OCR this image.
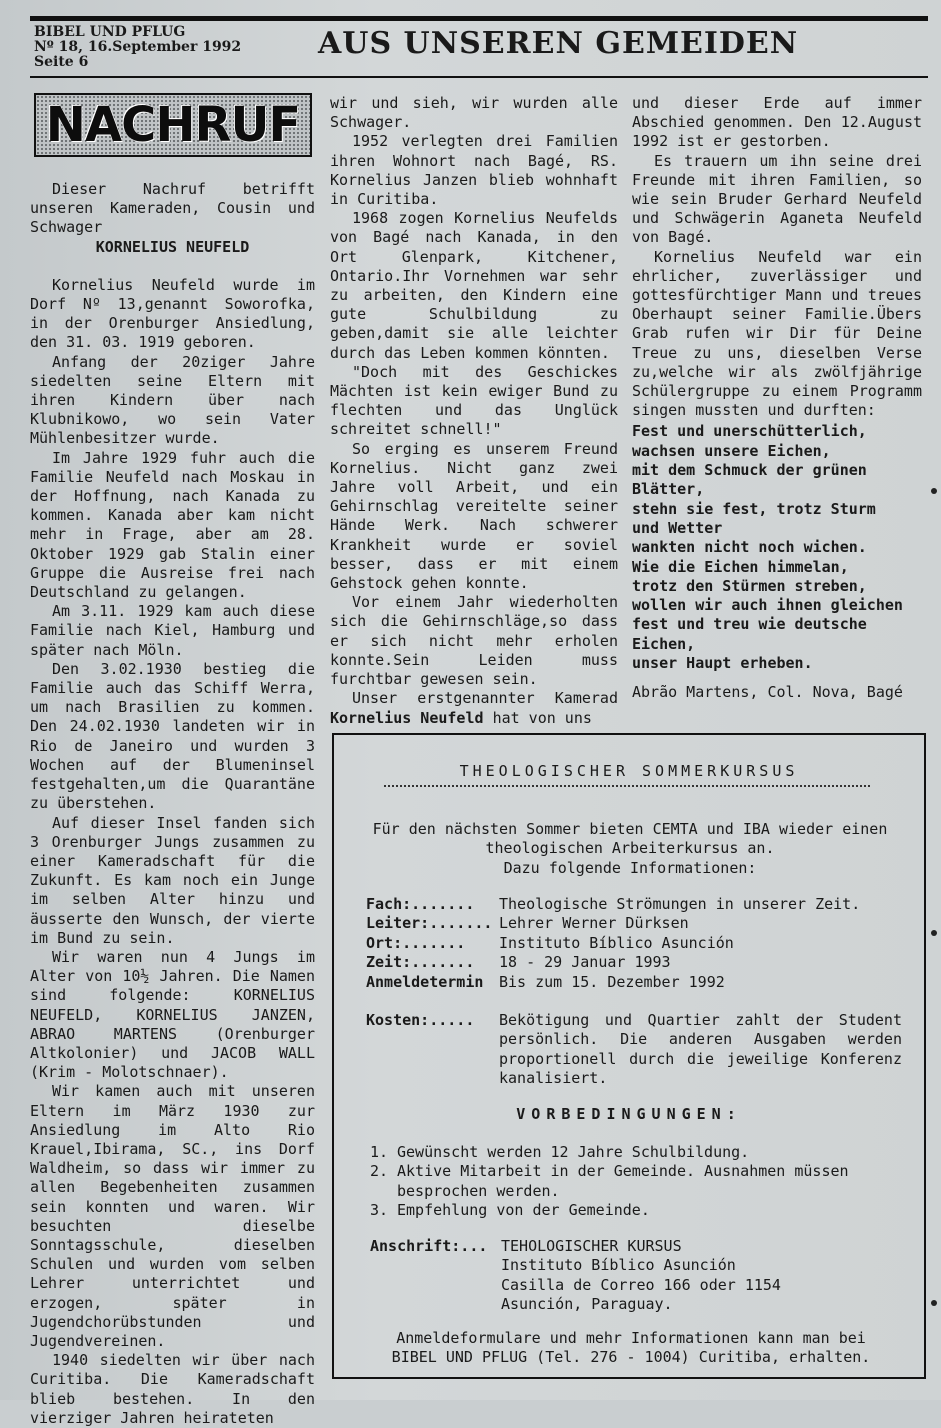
BIBEL UND PFLUG
Nº 18, 16.September 1992
Seite 6
AUS UNSEREN GEMEIDEN
NACHRUF

Dieser Nachruf betrifft unseren Kameraden, Cousin und Schwager

KORNELIUS NEUFELD

Kornelius Neufeld wurde im Dorf Nº 13,genannt Soworofka, in der Orenburger Ansiedlung, den 31. 03. 1919 geboren.

Anfang der 20ziger Jahre siedelten seine Eltern mit ihren Kindern über nach Klubnikowo, wo sein Vater Mühlenbesitzer wurde.

Im Jahre 1929 fuhr auch die Familie Neufeld nach Moskau in der Hoffnung, nach Kanada zu kommen. Kanada aber kam nicht mehr in Frage, aber am 28. Oktober 1929 gab Stalin einer Gruppe die Ausreise frei nach Deutschland zu gelangen.

Am 3.11. 1929 kam auch diese Familie nach Kiel, Hamburg und später nach Möln.

Den 3.02.1930 bestieg die Familie auch das Schiff Werra, um nach Brasilien zu kommen. Den 24.02.1930 landeten wir in Rio de Janeiro und wurden 3 Wochen auf der Blumeninsel festgehalten,um die Quarantäne zu überstehen.

Auf dieser Insel fanden sich 3 Orenburger Jungs zusammen zu einer Kameradschaft für die Zukunft. Es kam noch ein Junge im selben Alter hinzu und äusserte den Wunsch, der vierte im Bund zu sein.

Wir waren nun 4 Jungs im Alter von 10½ Jahren. Die Namen sind folgende: KORNELIUS NEUFELD, KORNELIUS JANZEN, ABRAO MARTENS (Orenburger Altkolonier) und JACOB WALL (Krim - Molotschnaer).

Wir kamen auch mit unseren Eltern im März 1930 zur Ansiedlung im Alto Rio Krauel,Ibirama, SC., ins Dorf Waldheim, so dass wir immer zu allen Begebenheiten zusammen sein konnten und waren. Wir besuchten dieselbe Sonntagsschule, dieselben Schulen und wurden vom selben Lehrer unterrichtet und erzogen, später in Jugendchorübstunden und Jugendvereinen.

1940 siedelten wir über nach Curitiba. Die Kameradschaft blieb bestehen. In den vierziger Jahren heirateten

wir und sieh, wir wurden alle Schwager.

1952 verlegten drei Familien ihren Wohnort nach Bagé, RS. Kornelius Janzen blieb wohnhaft in Curitiba.

1968 zogen Kornelius Neufelds von Bagé nach Kanada, in den Ort Glenpark, Kitchener, Ontario.Ihr Vornehmen war sehr zu arbeiten, den Kindern eine gute Schulbildung zu geben,damit sie alle leichter durch das Leben kommen könnten.

"Doch mit des Geschickes Mächten ist kein ewiger Bund zu flechten und das Unglück schreitet schnell!"

So erging es unserem Freund Kornelius. Nicht ganz zwei Jahre voll Arbeit, und ein Gehirnschlag vereitelte seiner Hände Werk. Nach schwerer Krankheit wurde er soviel besser, dass er mit einem Gehstock gehen konnte.

Vor einem Jahr wiederholten sich die Gehirnschläge,so dass er sich nicht mehr erholen konnte.Sein Leiden muss furchtbar gewesen sein.

Unser erstgenannter Kamerad Kornelius Neufeld hat von uns

und dieser Erde auf immer Abschied genommen. Den 12.August 1992 ist er gestorben.

Es trauern um ihn seine drei Freunde mit ihren Familien, so wie sein Bruder Gerhard Neufeld und Schwägerin Aganeta Neufeld von Bagé.

Kornelius Neufeld war ein ehrlicher, zuverlässiger und gottesfürchtiger Mann und treues Oberhaupt seiner Familie.Übers Grab rufen wir Dir für Deine Treue zu uns, dieselben Verse zu,welche wir als zwölfjährige Schülergruppe zu einem Programm singen mussten und durften:

Fest und unerschütterlich,
wachsen unsere Eichen,
mit dem Schmuck der grünen
Blätter,
stehn sie fest, trotz Sturm
und Wetter
wankten nicht noch wichen.
Wie die Eichen himmelan,
trotz den Stürmen streben,
wollen wir auch ihnen gleichen
fest und treu wie deutsche
Eichen,
unser Haupt erheben.
Abrão Martens, Col. Nova, Bagé
THEOLOGISCHER SOMMERKURSUS
Für den nächsten Sommer bieten CEMTA und IBA wieder einen
theologischen Arbeiterkursus an.
Dazu folgende Informationen:
Fach:.......	Theologische Strömungen in unserer Zeit.
Leiter:.......	Lehrer Werner Dürksen
Ort:.......	Instituto Bíblico Asunción
Zeit:.......	18 - 29 Januar 1993
Anmeldetermin	Bis zum 15. Dezember 1992
Kosten:..... Bekötigung und Quartier zahlt der Student persönlich. Die anderen Ausgaben werden proportionell durch die jeweilige Konferenz kanalisiert.
VORBEDINGUNGEN:
1. Gewünscht werden 12 Jahre Schulbildung.
2. Aktive Mitarbeit in der Gemeinde. Ausnahmen müssen besprochen werden.
3. Empfehlung von der Gemeinde.
Anschrift:... TEHOLOGISCHER KURSUS
Instituto Bíblico Asunción
Casilla de Correo 166 oder 1154
Asunción, Paraguay.
Anmeldeformulare und mehr Informationen kann man bei
BIBEL UND PFLUG (Tel. 276 - 1004) Curitiba, erhalten.
